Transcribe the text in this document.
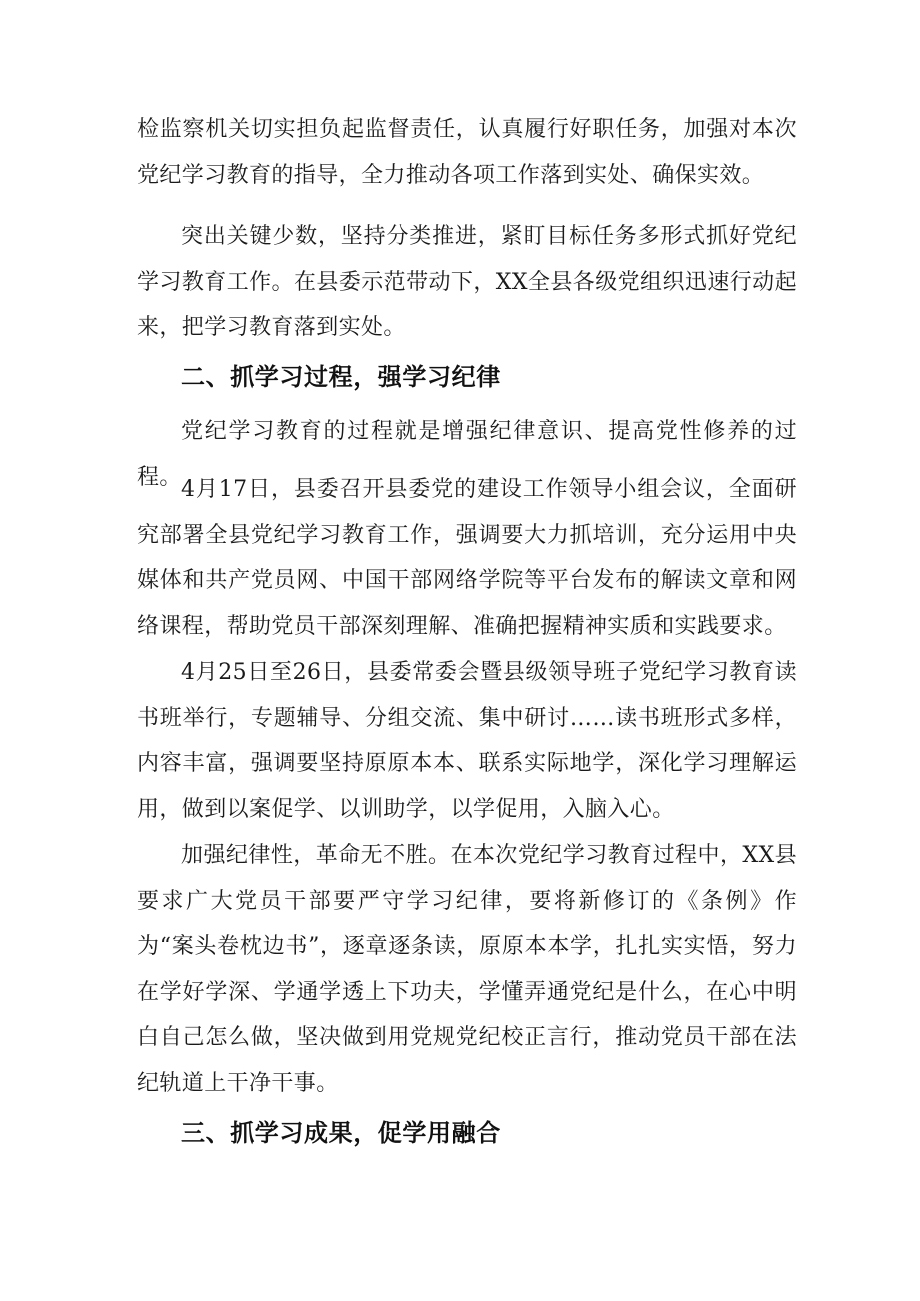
检监察机关切实担负起监督责任，认真履行好职任务，加强对本次党纪学习教育的指导，全力推动各项工作落到实处、确保实效。

突出关键少数，坚持分类推进，紧盯目标任务多形式抓好党纪学习教育工作。在县委示范带动下，XX全县各级党组织迅速行动起来，把学习教育落到实处。

二、抓学习过程，强学习纪律

党纪学习教育的过程就是增强纪律意识、提高党性修养的过程。 4月17日，县委召开县委党的建设工作领导小组会议，全面研究部署全县党纪学习教育工作，强调要大力抓培训，充分运用中央媒体和共产党员网、中国干部网络学院等平台发布的解读文章和网络课程，帮助党员干部深刻理解、准确把握精神实质和实践要求。

4月25日至26日，县委常委会暨县级领导班子党纪学习教育读书班举行，专题辅导、分组交流、集中研讨……读书班形式多样，内容丰富，强调要坚持原原本本、联系实际地学，深化学习理解运用，做到以案促学、以训助学，以学促用，入脑入心。

加强纪律性，革命无不胜。在本次党纪学习教育过程中，XX县要求广大党员干部要严守学习纪律，要将新修订的《条例》作为“案头卷枕边书”，逐章逐条读，原原本本学，扎扎实实悟，努力在学好学深、学通学透上下功夫，学懂弄通党纪是什么，在心中明白自己怎么做，坚决做到用党规党纪校正言行，推动党员干部在法纪轨道上干净干事。

三、抓学习成果，促学用融合
